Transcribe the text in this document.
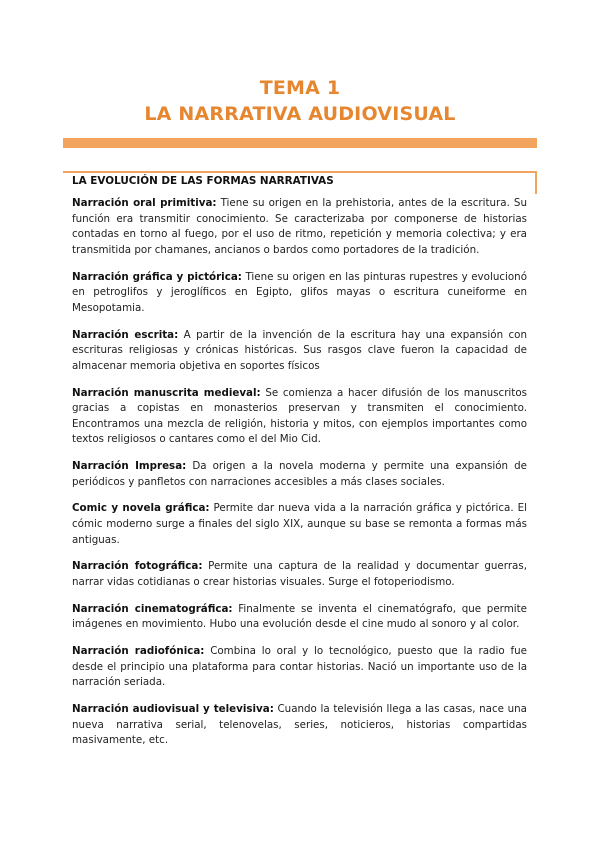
TEMA 1
LA NARRATIVA AUDIOVISUAL
LA EVOLUCIÓN DE LAS FORMAS NARRATIVAS

Narración oral primitiva: Tiene su origen en la prehistoria, antes de la escritura. Su función era transmitir conocimiento. Se caracterizaba por componerse de historias contadas en torno al fuego, por el uso de ritmo, repetición y memoria colectiva; y era transmitida por chamanes, ancianos o bardos como portadores de la tradición.

Narración gráfica y pictórica: Tiene su origen en las pinturas rupestres y evolucionó en petroglifos y jeroglíficos en Egipto, glifos mayas o escritura cuneiforme en Mesopotamia.

Narración escrita: A partir de la invención de la escritura hay una expansión con escrituras religiosas y crónicas históricas. Sus rasgos clave fueron la capacidad de almacenar memoria objetiva en soportes físicos

Narración manuscrita medieval: Se comienza a hacer difusión de los manuscritos gracias a copistas en monasterios preservan y transmiten el conocimiento. Encontramos una mezcla de religión, historia y mitos, con ejemplos importantes como textos religiosos o cantares como el del Mio Cid.

Narración Impresa: Da origen a la novela moderna y permite una expansión de periódicos y panfletos con narraciones accesibles a más clases sociales.

Comic y novela gráfica: Permite dar nueva vida a la narración gráfica y pictórica. El cómic moderno surge a finales del siglo XIX, aunque su base se remonta a formas más antiguas.

Narración fotográfica: Permite una captura de la realidad y documentar guerras, narrar vidas cotidianas o crear historias visuales. Surge el fotoperiodismo.

Narración cinematográfica: Finalmente se inventa el cinematógrafo, que permite imágenes en movimiento. Hubo una evolución desde el cine mudo al sonoro y al color.

Narración radiofónica: Combina lo oral y lo tecnológico, puesto que la radio fue desde el principio una plataforma para contar historias. Nació un importante uso de la narración seriada.

Narración audiovisual y televisiva: Cuando la televisión llega a las casas, nace una nueva narrativa serial, telenovelas, series, noticieros, historias compartidas masivamente, etc.
